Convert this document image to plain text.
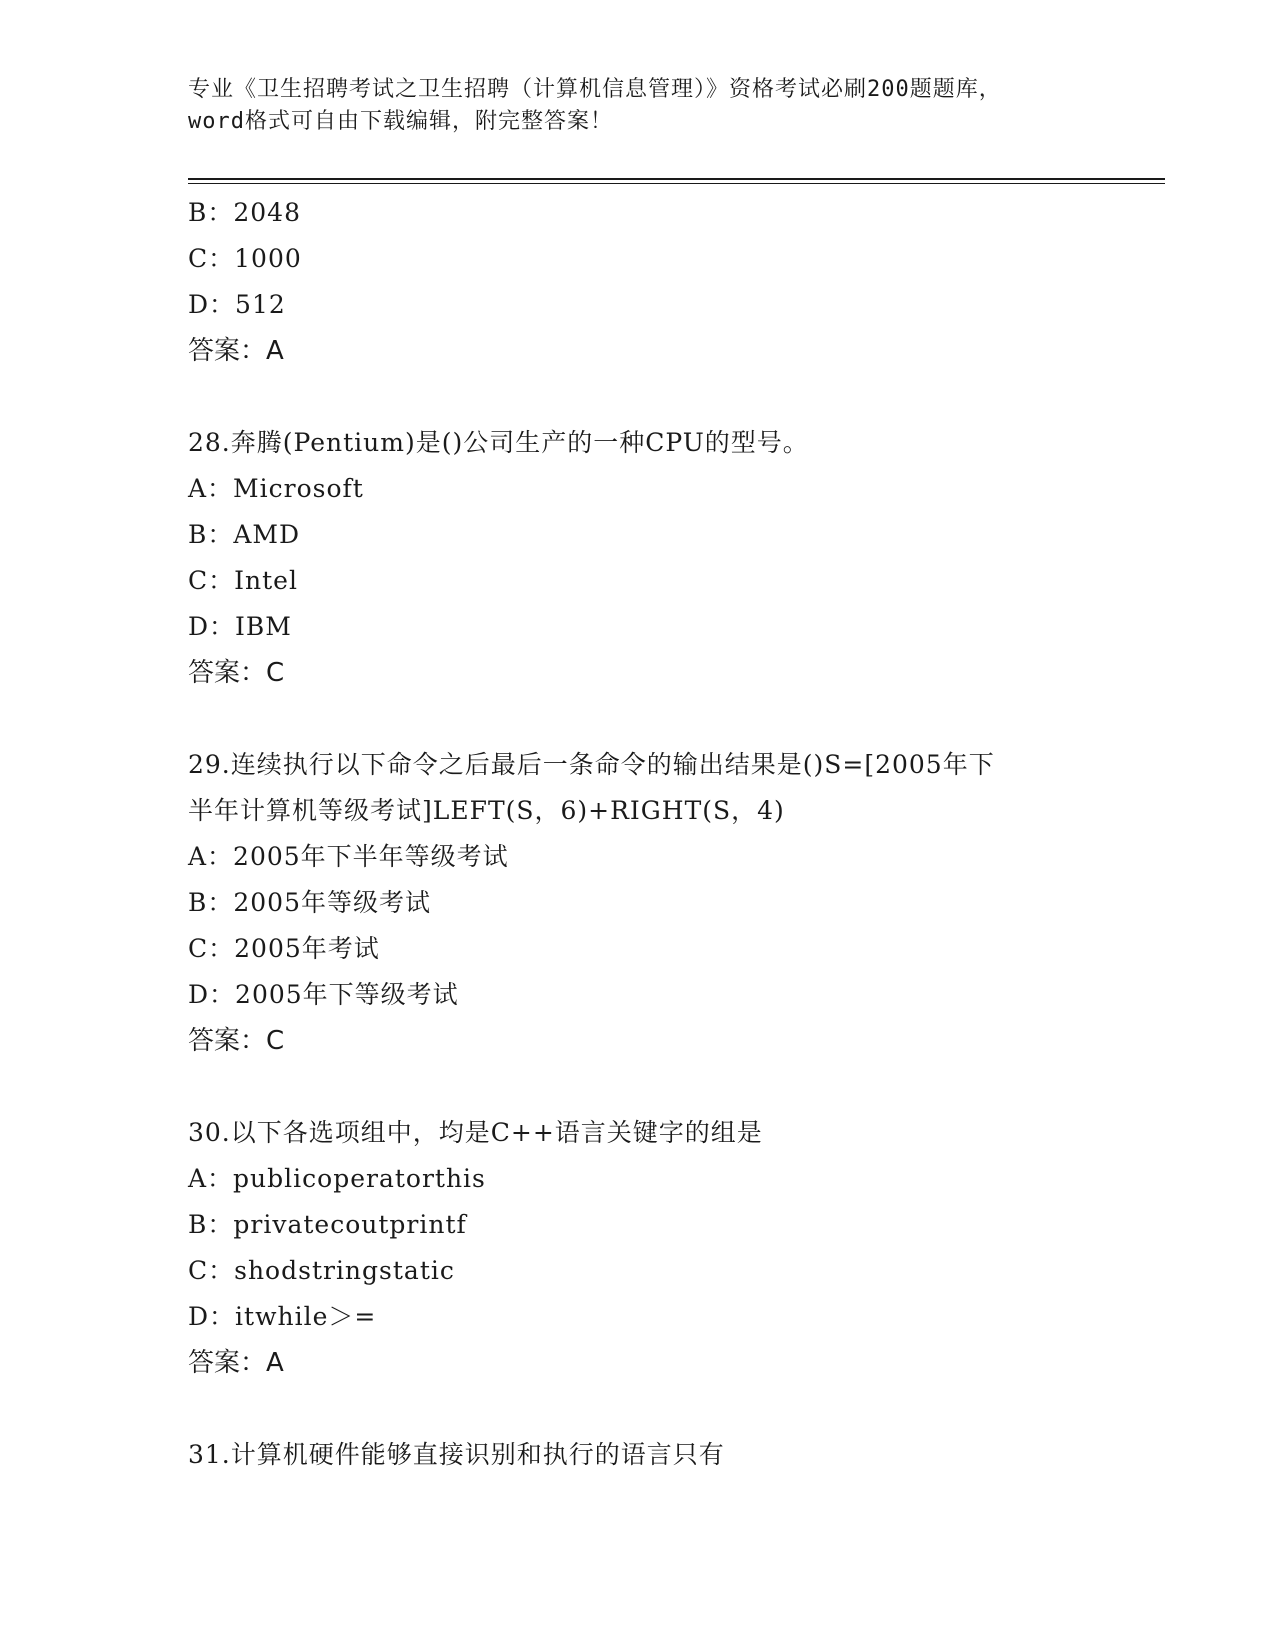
专业《卫生招聘考试之卫生招聘（计算机信息管理）》资格考试必刷200题题库，
word格式可自由下载编辑，附完整答案！
B：2048
C：1000
D：512
答案：A
28.奔腾(Pentium)是()公司生产的一种CPU的型号。
A：Microsoft
B：AMD
C：Intel
D：IBM
答案：C
29.连续执行以下命令之后最后一条命令的输出结果是()S=[2005年下
半年计算机等级考试]LEFT(S，6)+RIGHT(S，4)
A：2005年下半年等级考试
B：2005年等级考试
C：2005年考试
D：2005年下等级考试
答案：C
30.以下各选项组中，均是C++语言关键字的组是
A：publicoperatorthis
B：privatecoutprintf
C：shodstringstatic
D：itwhile＞=
答案：A
31.计算机硬件能够直接识别和执行的语言只有
